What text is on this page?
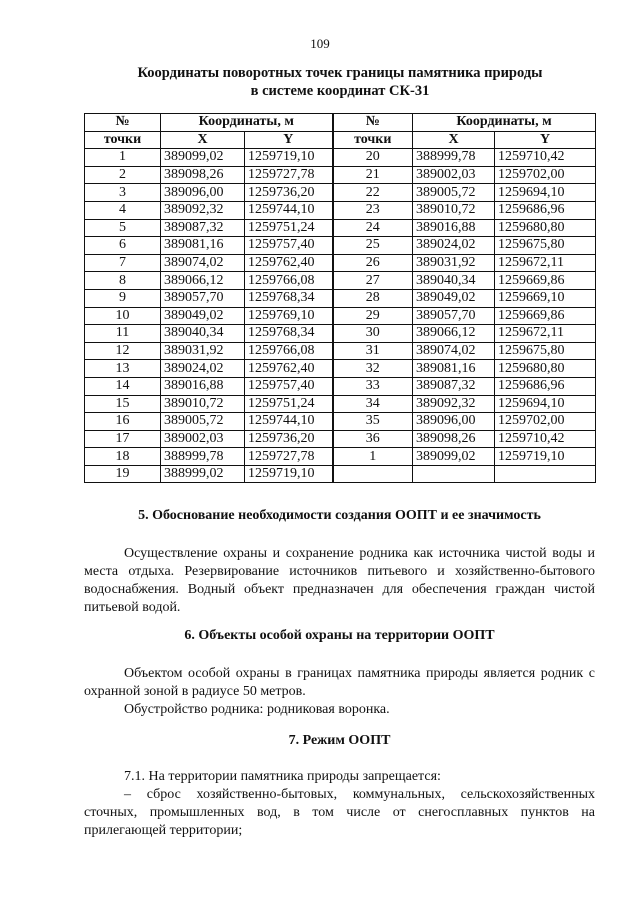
109
Координаты поворотных точек границы памятника природы
в системе координат СК-31
№	Координаты, м		№	Координаты, м	
точки	X	Y	точки	X	Y
1	389099,02	1259719,10	20	388999,78	1259710,42
2	389098,26	1259727,78	21	389002,03	1259702,00
3	389096,00	1259736,20	22	389005,72	1259694,10
4	389092,32	1259744,10	23	389010,72	1259686,96
5	389087,32	1259751,24	24	389016,88	1259680,80
6	389081,16	1259757,40	25	389024,02	1259675,80
7	389074,02	1259762,40	26	389031,92	1259672,11
8	389066,12	1259766,08	27	389040,34	1259669,86
9	389057,70	1259768,34	28	389049,02	1259669,10
10	389049,02	1259769,10	29	389057,70	1259669,86
11	389040,34	1259768,34	30	389066,12	1259672,11
12	389031,92	1259766,08	31	389074,02	1259675,80
13	389024,02	1259762,40	32	389081,16	1259680,80
14	389016,88	1259757,40	33	389087,32	1259686,96
15	389010,72	1259751,24	34	389092,32	1259694,10
16	389005,72	1259744,10	35	389096,00	1259702,00
17	389002,03	1259736,20	36	389098,26	1259710,42
18	388999,78	1259727,78	1	389099,02	1259719,10
19	388999,02	1259719,10			
5. Обоснование необходимости создания ООПТ и ее значимость

Осуществление охраны и сохранение родника как источника чистой воды и места отдыха. Резервирование источников питьевого и хозяйственно-бытового водоснабжения. Водный объект предназначен для обеспечения граждан чистой питьевой водой.

6. Объекты особой охраны на территории ООПТ

Объектом особой охраны в границах памятника природы является родник с охранной зоной в радиусе 50 метров.

Обустройство родника: родниковая воронка.

7. Режим ООПТ

7.1. На территории памятника природы запрещается:

– сброс хозяйственно-бытовых, коммунальных, сельскохозяйственных сточных, промышленных вод, в том числе от снегосплавных пунктов на прилегающей территории;
